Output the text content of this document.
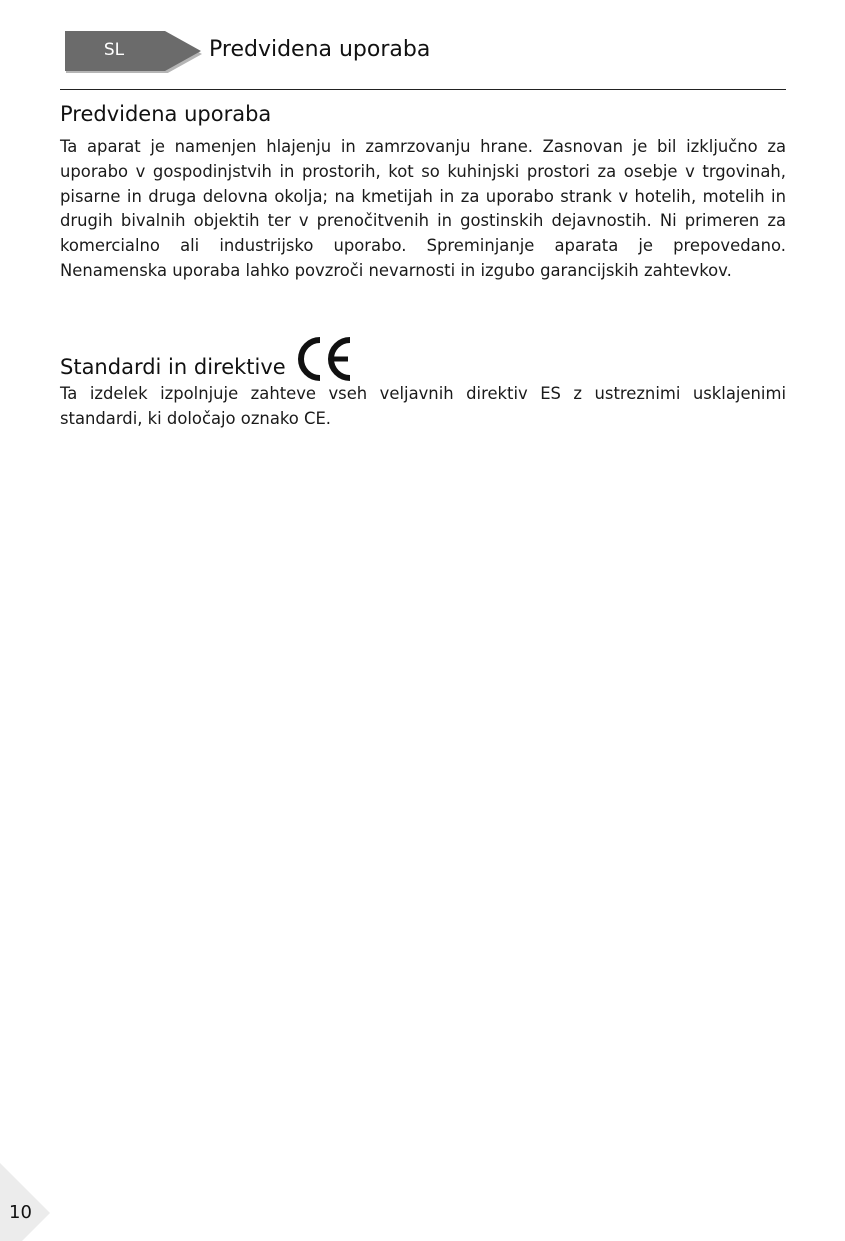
SL	Predvidena uporaba
Predvidena uporaba

Ta aparat je namenjen hlajenju in zamrzovanju hrane. Zasnovan je bil izključno za uporabo v gospodinjstvih in prostorih, kot so kuhinjski prostori za osebje v trgovinah, pisarne in druga delovna okolja; na kmetijah in za uporabo strank v hotelih, motelih in drugih bivalnih objektih ter v prenočitvenih in gostinskih dejavnostih. Ni primeren za komercialno ali industrijsko uporabo. Spreminjanje aparata je prepovedano. Nenamenska uporaba lahko povzroči nevarnosti in izgubo garancijskih zahtevkov.

Standardi in direktive

Ta izdelek izpolnjuje zahteve vseh veljavnih direktiv ES z ustreznimi usklajenimi standardi, ki določajo oznako CE.

10
